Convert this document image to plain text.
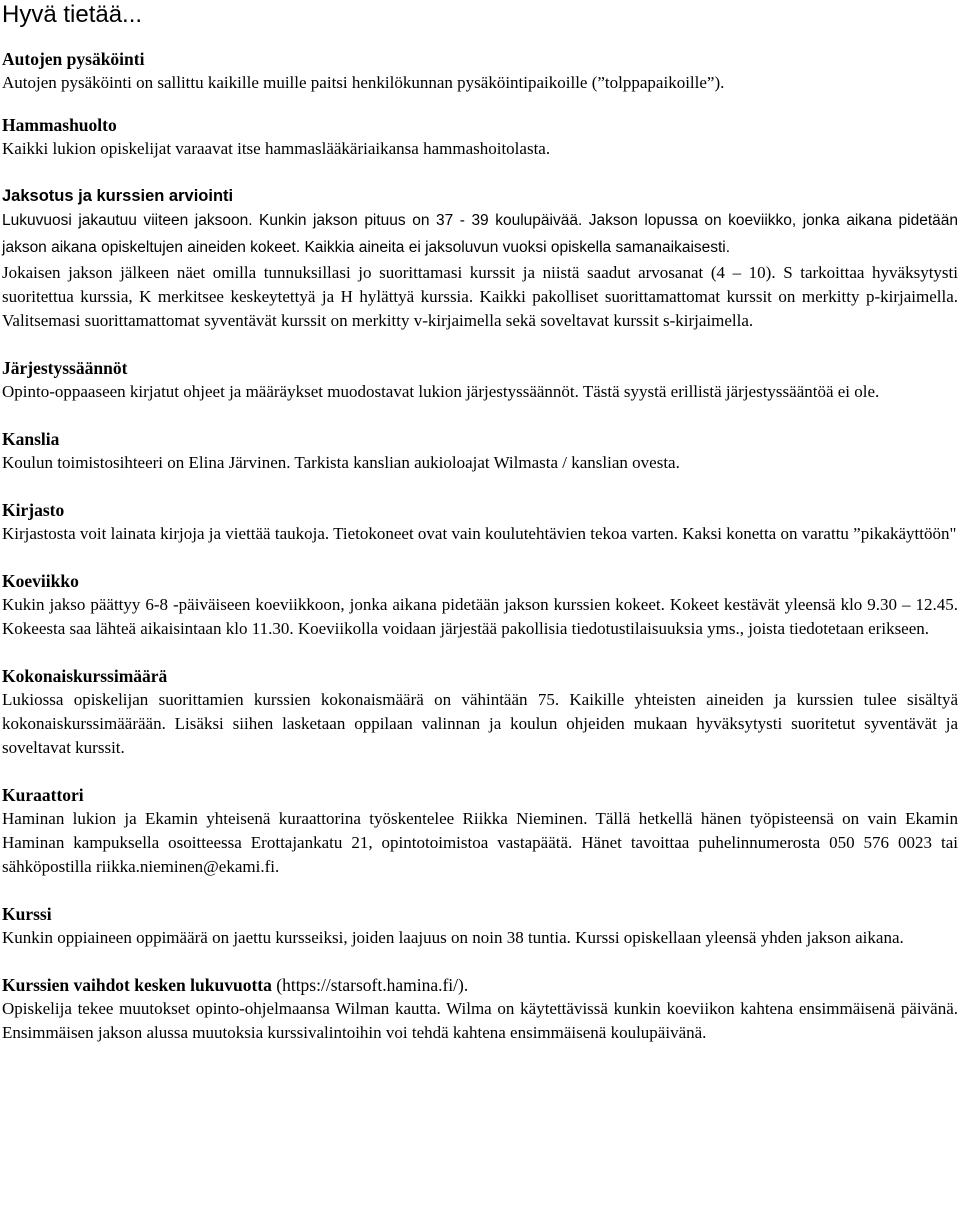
Hyvä tietää...
Autojen pysäköinti
Autojen pysäköinti on sallittu kaikille muille paitsi henkilökunnan pysäköintipaikoille (”tolppapaikoille”).
Hammashuolto
Kaikki lukion opiskelijat varaavat itse hammaslääkäriaikansa hammashoitolasta.
Jaksotus ja kurssien arviointi
Lukuvuosi jakautuu viiteen jaksoon. Kunkin jakson pituus on 37 - 39 koulupäivää. Jakson lopussa on koeviikko, jonka aikana pidetään jakson aikana opiskeltujen aineiden kokeet. Kaikkia aineita ei jaksoluvun vuoksi opiskella samanaikaisesti.
Jokaisen jakson jälkeen näet omilla tunnuksillasi jo suorittamasi kurssit ja niistä saadut arvosanat (4 – 10). S tarkoittaa hyväksytysti suoritettua kurssia, K merkitsee keskeytettyä ja H hylättyä kurssia. Kaikki pakolliset suorittamattomat kurssit on merkitty p-kirjaimella. Valitsemasi suorittamattomat syventävät kurssit on merkitty v-kirjaimella sekä soveltavat kurssit s-kirjaimella.
Järjestyssäännöt
Opinto-oppaaseen kirjatut ohjeet ja määräykset muodostavat lukion järjestyssäännöt. Tästä syystä erillistä järjestyssääntöä ei ole.
Kanslia
Koulun toimistosihteeri on Elina Järvinen. Tarkista kanslian aukioloajat Wilmasta / kanslian ovesta.
Kirjasto
Kirjastosta voit lainata kirjoja ja viettää taukoja. Tietokoneet ovat vain koulutehtävien tekoa varten. Kaksi konetta on varattu ”pikakäyttöön"
Koeviikko
Kukin jakso päättyy 6-8 -päiväiseen koeviikkoon, jonka aikana pidetään jakson kurssien kokeet. Kokeet kestävät yleensä klo 9.30 – 12.45. Kokeesta saa lähteä aikaisintaan klo 11.30. Koeviikolla voidaan järjestää pakollisia tiedotustilaisuuksia yms., joista tiedotetaan erikseen.
Kokonaiskurssimäärä
Lukiossa opiskelijan suorittamien kurssien kokonaismäärä on vähintään 75. Kaikille yhteisten aineiden ja kurssien tulee sisältyä kokonaiskurssimäärään. Lisäksi siihen lasketaan oppilaan valinnan ja koulun ohjeiden mukaan hyväksytysti suoritetut syventävät ja soveltavat kurssit.
Kuraattori
Haminan lukion ja Ekamin yhteisenä kuraattorina työskentelee Riikka Nieminen. Tällä hetkellä hänen työpisteensä on vain Ekamin Haminan kampuksella osoitteessa Erottajankatu 21, opintotoimistoa vastapäätä. Hänet tavoittaa puhelinnumerosta 050 576 0023 tai sähköpostilla riikka.nieminen@ekami.fi.
Kurssi
Kunkin oppiaineen oppimäärä on jaettu kursseiksi, joiden laajuus on noin 38 tuntia. Kurssi opiskellaan yleensä yhden jakson aikana.
Kurssien vaihdot kesken lukuvuotta (https://starsoft.hamina.fi/).
Opiskelija tekee muutokset opinto-ohjelmaansa Wilman kautta. Wilma on käytettävissä kunkin koeviikon kahtena ensimmäisenä päivänä. Ensimmäisen jakson alussa muutoksia kurssivalintoihin voi tehdä kahtena ensimmäisenä koulupäivänä.
